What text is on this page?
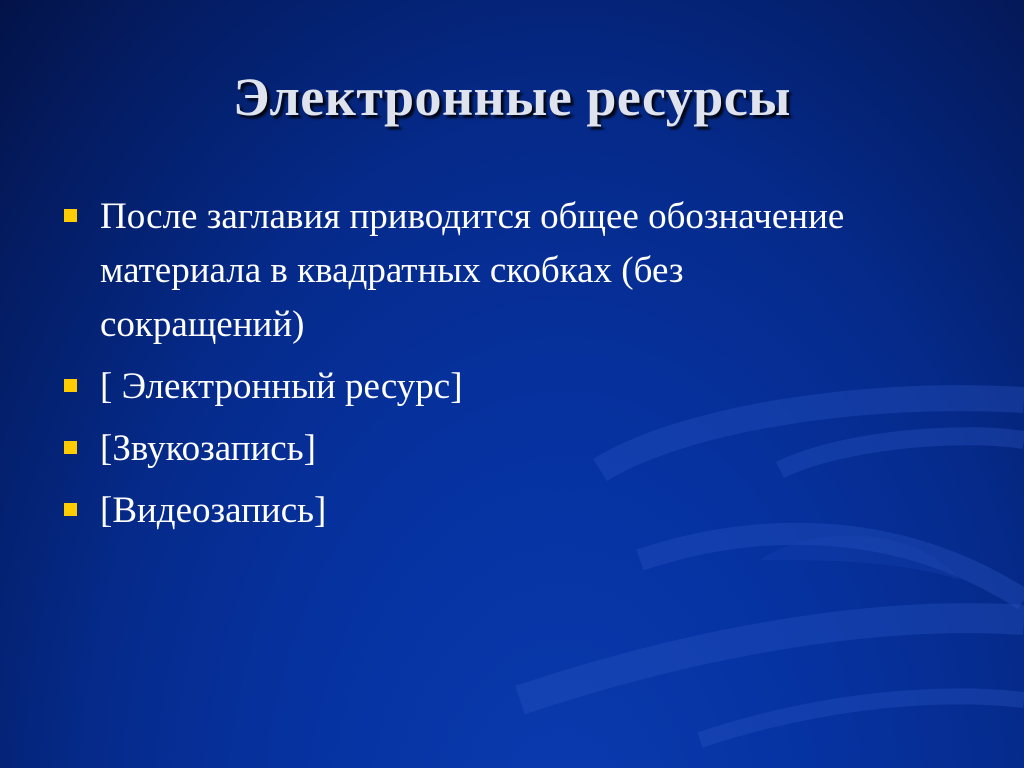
Электронные ресурсы
После заглавия приводится общее обозначение материала в квадратных скобках (без сокращений)
[ Электронный ресурс]
[Звукозапись]
[Видеозапись]
